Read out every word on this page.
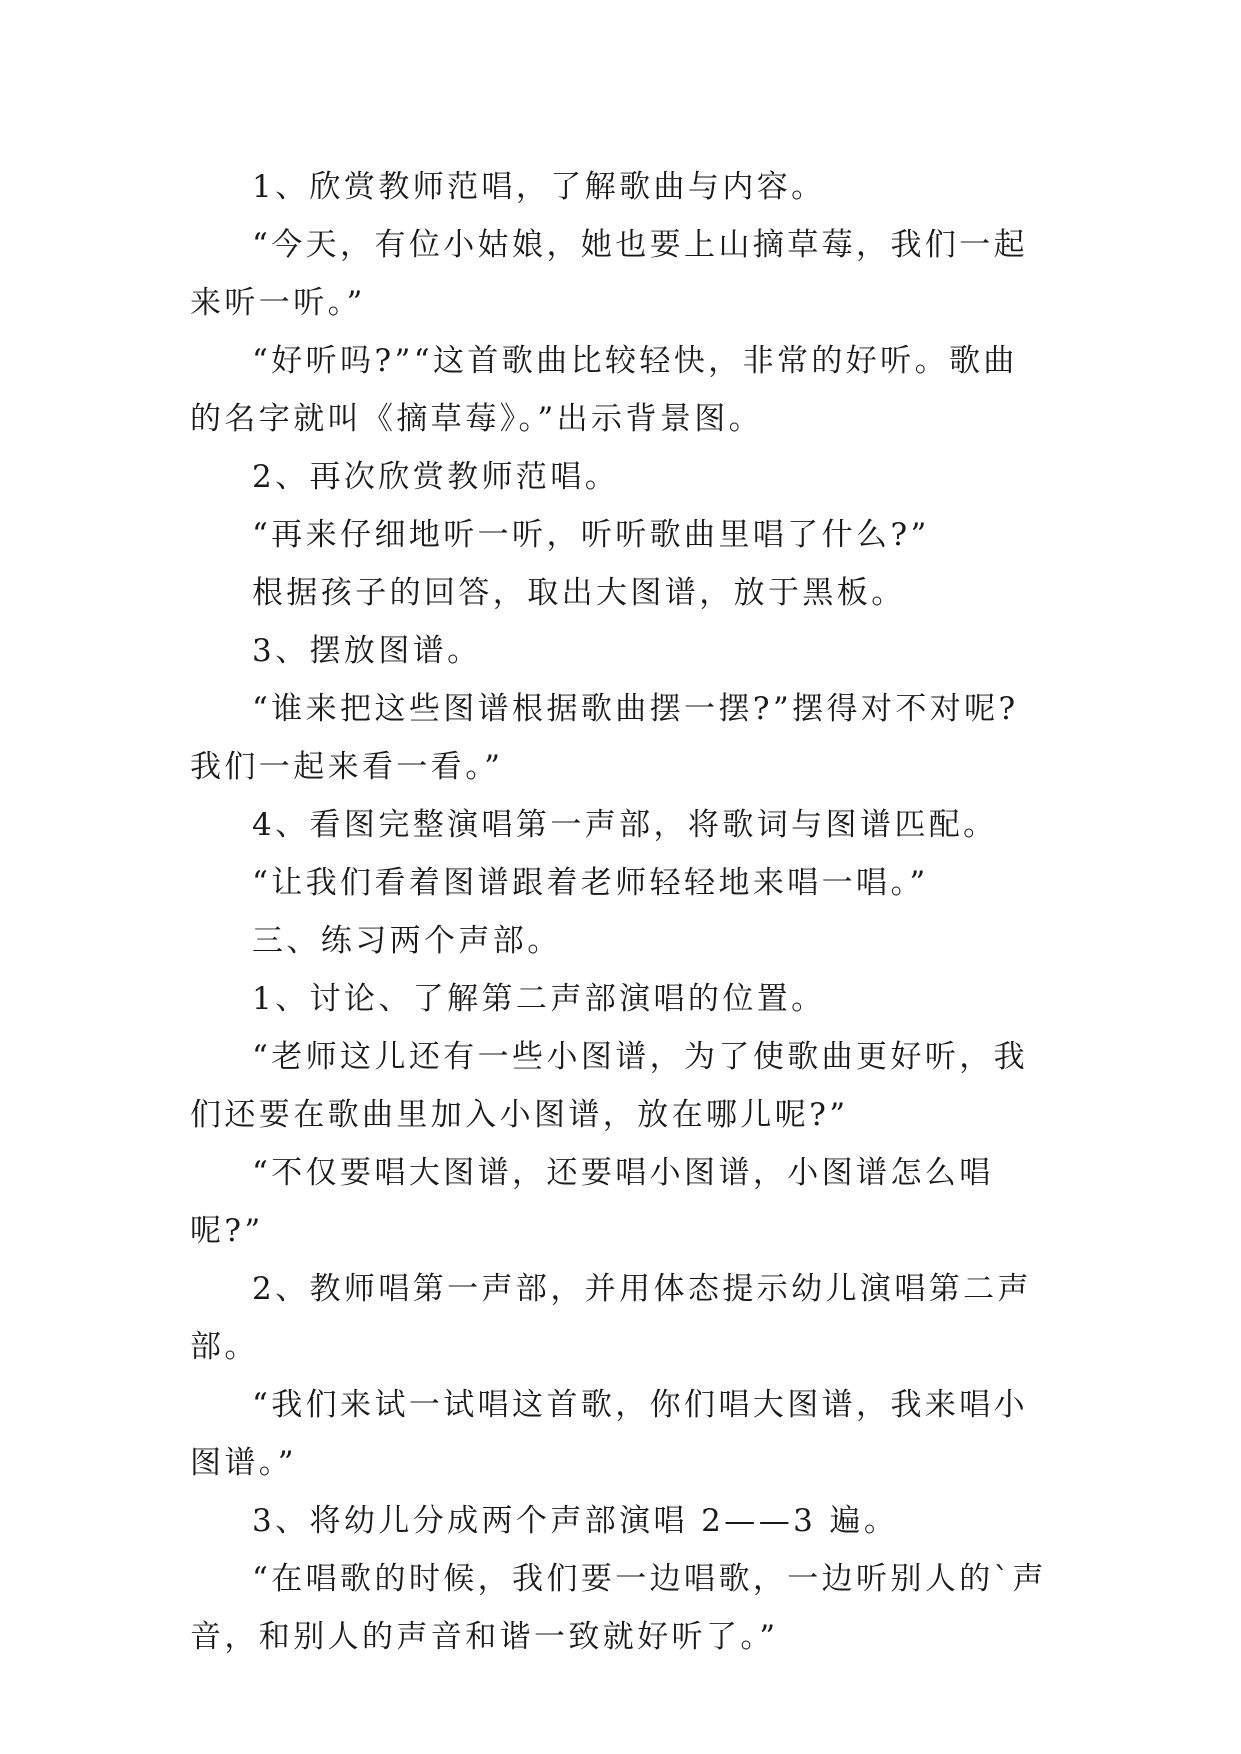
1、欣赏教师范唱，了解歌曲与内容。

“今天，有位小姑娘，她也要上山摘草莓，我们一起来听一听。”

“好听吗?”“这首歌曲比较轻快，非常的好听。歌曲的名字就叫《摘草莓》。”出示背景图。

2、再次欣赏教师范唱。

“再来仔细地听一听，听听歌曲里唱了什么?”

根据孩子的回答，取出大图谱，放于黑板。

3、摆放图谱。

“谁来把这些图谱根据歌曲摆一摆?”摆得对不对呢?我们一起来看一看。”

4、看图完整演唱第一声部，将歌词与图谱匹配。

“让我们看着图谱跟着老师轻轻地来唱一唱。”

三、练习两个声部。

1、讨论、了解第二声部演唱的位置。

“老师这儿还有一些小图谱，为了使歌曲更好听，我们还要在歌曲里加入小图谱，放在哪儿呢?”

“不仅要唱大图谱，还要唱小图谱，小图谱怎么唱呢?”

2、教师唱第一声部，并用体态提示幼儿演唱第二声部。

“我们来试一试唱这首歌，你们唱大图谱，我来唱小图谱。”

3、将幼儿分成两个声部演唱 2——3 遍。

“在唱歌的时候，我们要一边唱歌，一边听别人的`声音，和别人的声音和谐一致就好听了。”
